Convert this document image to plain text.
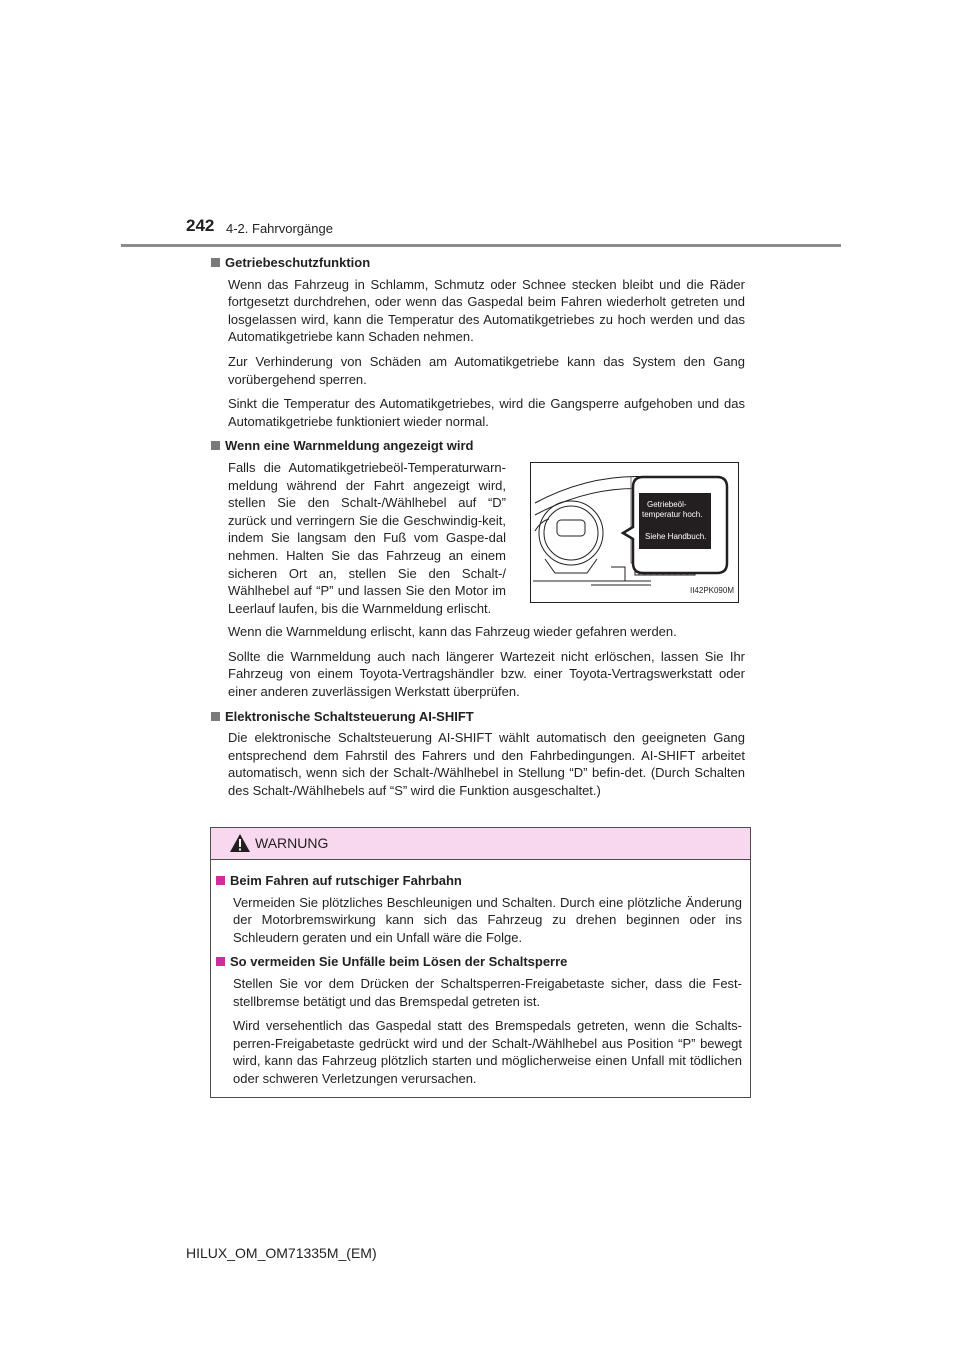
242 4-2. Fahrvorgänge
Getriebeschutzfunktion

Wenn das Fahrzeug in Schlamm, Schmutz oder Schnee stecken bleibt und die Räder fortgesetzt durchdrehen, oder wenn das Gaspedal beim Fahren wiederholt getreten und losgelassen wird, kann die Temperatur des Automatikgetriebes zu hoch werden und das Automatikgetriebe kann Schaden nehmen.

Zur Verhinderung von Schäden am Automatikgetriebe kann das System den Gang vorübergehend sperren.

Sinkt die Temperatur des Automatikgetriebes, wird die Gangsperre aufgehoben und das Automatikgetriebe funktioniert wieder normal.

Wenn eine Warnmeldung angezeigt wird

Falls die Automatikgetriebeöl-Temperaturwarn-meldung während der Fahrt angezeigt wird, stellen Sie den Schalt-/Wählhebel auf “D” zurück und verringern Sie die Geschwindig-keit, indem Sie langsam den Fuß vom Gaspe-dal nehmen. Halten Sie das Fahrzeug an einem sicheren Ort an, stellen Sie den Schalt-/ Wählhebel auf “P” und lassen Sie den Motor im Leerlauf laufen, bis die Warnmeldung erlischt.

Getriebeöl-
temperatur hoch.
Siehe Handbuch.
II42PK090M

Wenn die Warnmeldung erlischt, kann das Fahrzeug wieder gefahren werden.

Sollte die Warnmeldung auch nach längerer Wartezeit nicht erlöschen, lassen Sie Ihr Fahrzeug von einem Toyota-Vertragshändler bzw. einer Toyota-Vertragswerkstatt oder einer anderen zuverlässigen Werkstatt überprüfen.

Elektronische Schaltsteuerung AI-SHIFT

Die elektronische Schaltsteuerung AI-SHIFT wählt automatisch den geeigneten Gang entsprechend dem Fahrstil des Fahrers und den Fahrbedingungen. AI-SHIFT arbeitet automatisch, wenn sich der Schalt-/Wählhebel in Stellung “D” befin-det. (Durch Schalten des Schalt-/Wählhebels auf “S” wird die Funktion ausgeschaltet.)

WARNUNG
Beim Fahren auf rutschiger Fahrbahn

Vermeiden Sie plötzliches Beschleunigen und Schalten. Durch eine plötzliche Änderung der Motorbremswirkung kann sich das Fahrzeug zu drehen beginnen oder ins Schleudern geraten und ein Unfall wäre die Folge.

So vermeiden Sie Unfälle beim Lösen der Schaltsperre

Stellen Sie vor dem Drücken der Schaltsperren-Freigabetaste sicher, dass die Fest-stellbremse betätigt und das Bremspedal getreten ist.

Wird versehentlich das Gaspedal statt des Bremspedals getreten, wenn die Schalts-perren-Freigabetaste gedrückt wird und der Schalt-/Wählhebel aus Position “P” bewegt wird, kann das Fahrzeug plötzlich starten und möglicherweise einen Unfall mit tödlichen oder schweren Verletzungen verursachen.

HILUX_OM_OM71335M_(EM)
